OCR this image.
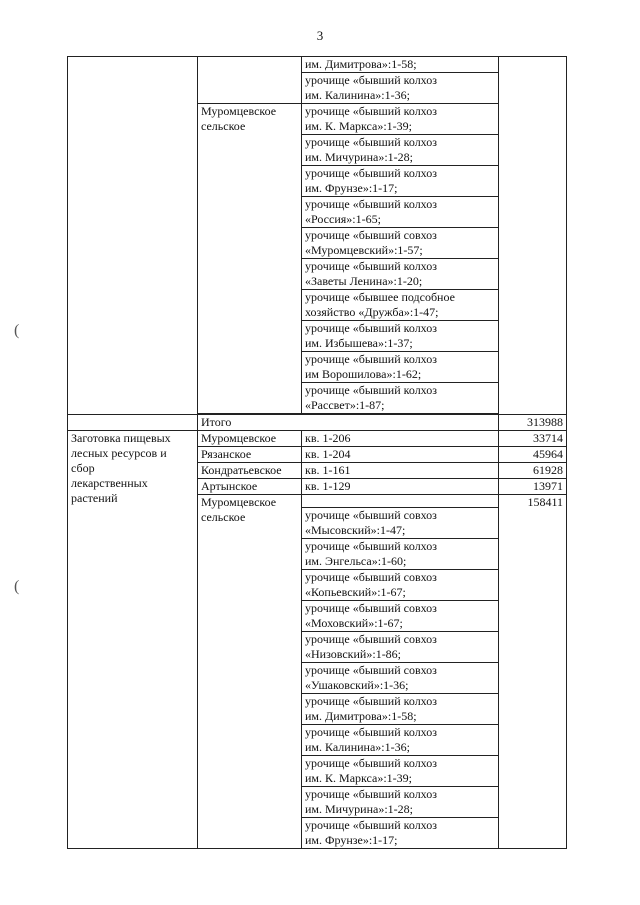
3
(
(
		им. Димитрова»:1-58;	
		урочище «бывший колхоз
им. Калинина»:1-36;	
	Муромцевское
сельское	урочище «бывший колхоз
им. К. Маркса»:1-39;	
		урочище «бывший колхоз
им. Мичурина»:1-28;	
		урочище «бывший колхоз
им. Фрунзе»:1-17;	
		урочище «бывший колхоз
«Россия»:1-65;	
		урочище «бывший совхоз
«Муромцевский»:1-57;	
		урочище «бывший колхоз
«Заветы Ленина»:1-20;	
		урочище «бывшее подсобное
хозяйство «Дружба»:1-47;	
		урочище «бывший колхоз
им. Избышева»:1-37;	
		урочище «бывший колхоз
им Ворошилова»:1-62;	
		урочище «бывший колхоз
«Рассвет»:1-87;	

	Итого		313988
Заготовка пищевых
лесных ресурсов и
сбор
лекарственных
растений	Муромцевское	кв. 1-206	33714
	Рязанское	кв. 1-204	45964
	Кондратьевское	кв. 1-161	61928
	Артынское	кв. 1-129	13971
	Муромцевское
сельское		158411
		урочище «бывший совхоз
«Мысовский»:1-47;	
		урочище «бывший колхоз
им. Энгельса»:1-60;	
		урочище «бывший совхоз
«Копьевский»:1-67;	
		урочище «бывший совхоз
«Моховский»:1-67;	
		урочище «бывший совхоз
«Низовский»:1-86;	
		урочище «бывший совхоз
«Ушаковский»:1-36;	
		урочище «бывший колхоз
им. Димитрова»:1-58;	
		урочище «бывший колхоз
им. Калинина»:1-36;	
		урочище «бывший колхоз
им. К. Маркса»:1-39;	
		урочище «бывший колхоз
им. Мичурина»:1-28;	
		урочище «бывший колхоз
им. Фрунзе»:1-17;	
